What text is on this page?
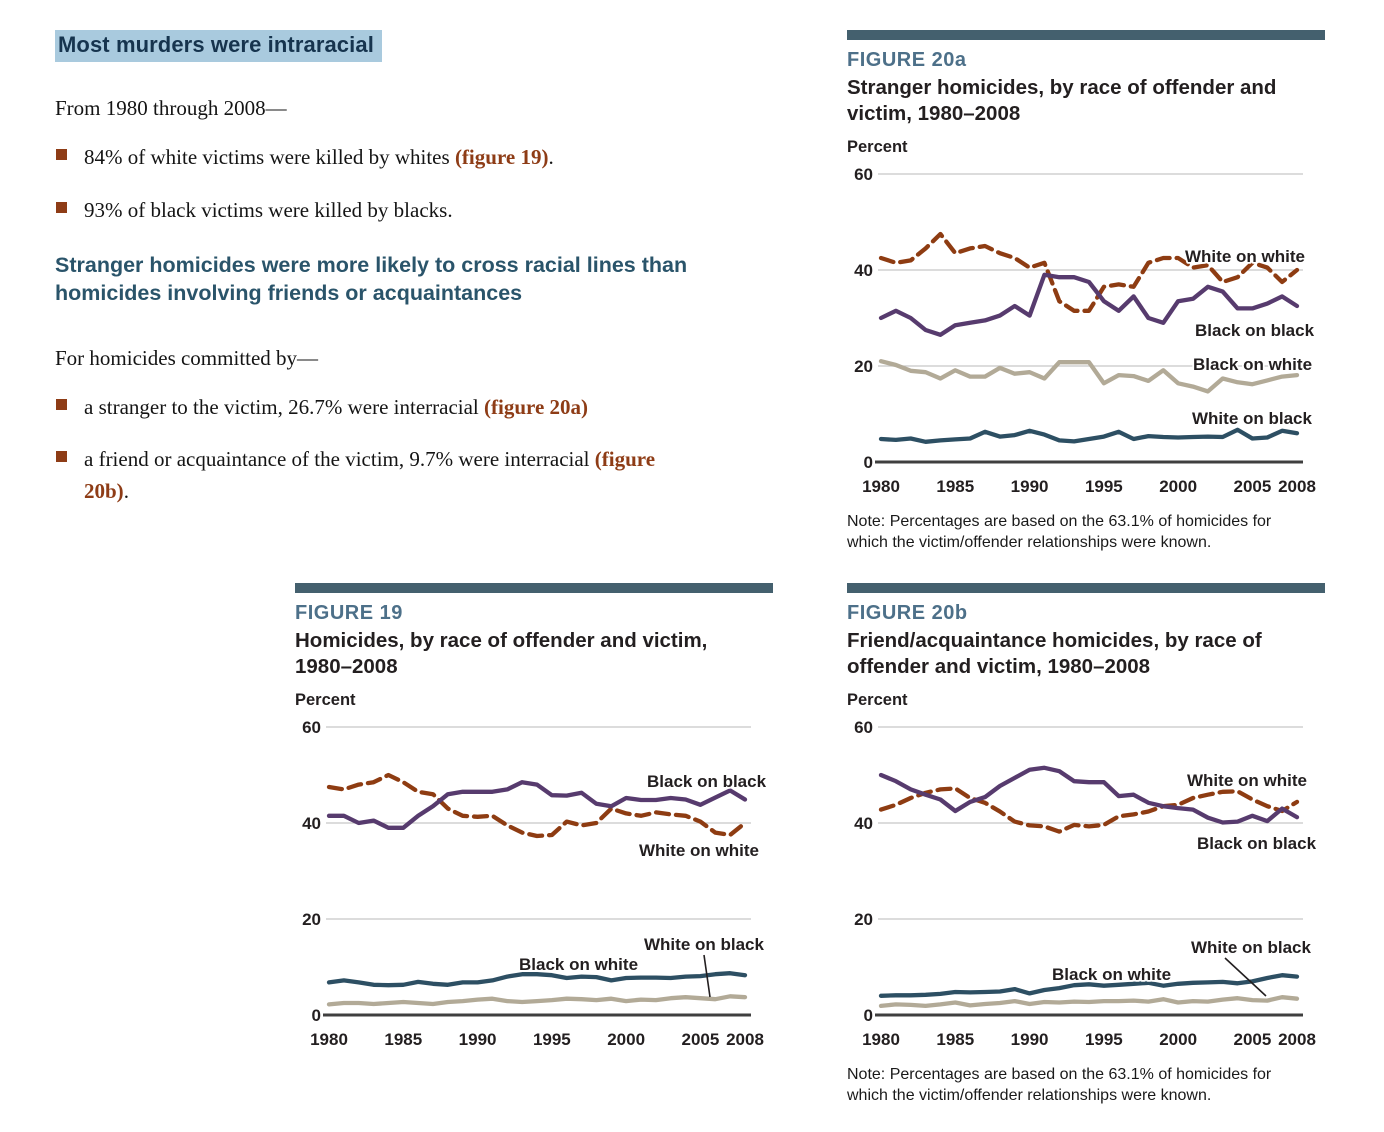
Most murders were intraracial

From 1980 through 2008—

84% of white victims were killed by whites (figure 19).
93% of black victims were killed by blacks.
Stranger homicides were more likely to cross racial lines than homicides involving friends or acquaintances

For homicides committed by—

a stranger to the victim, 26.7% were interracial (figure 20a)
a friend or acquaintance of the victim, 9.7% were interracial (figure 20b).
FIGURE 20a
Stranger homicides, by race of offender and victim, 1980–2008
Percent
60
40
20
0
1980 1985 1990 1995 2000 2005 2008
White on white
Black on black
Black on white
White on black
Note: Percentages are based on the 63.1% of homicides for which the victim/offender relationships were known.
FIGURE 19
Homicides, by race of offender and victim, 1980–2008
Percent
60
40
20
0
1980 1985 1990 1995 2000 2005 2008
Black on black
White on white
White on black
Black on white
FIGURE 20b
Friend/acquaintance homicides, by race of offender and victim, 1980–2008
Percent
60
40
20
0
1980 1985 1990 1995 2000 2005 2008
White on white
Black on black
White on black
Black on white
Note: Percentages are based on the 63.1% of homicides for which the victim/offender relationships were known.
